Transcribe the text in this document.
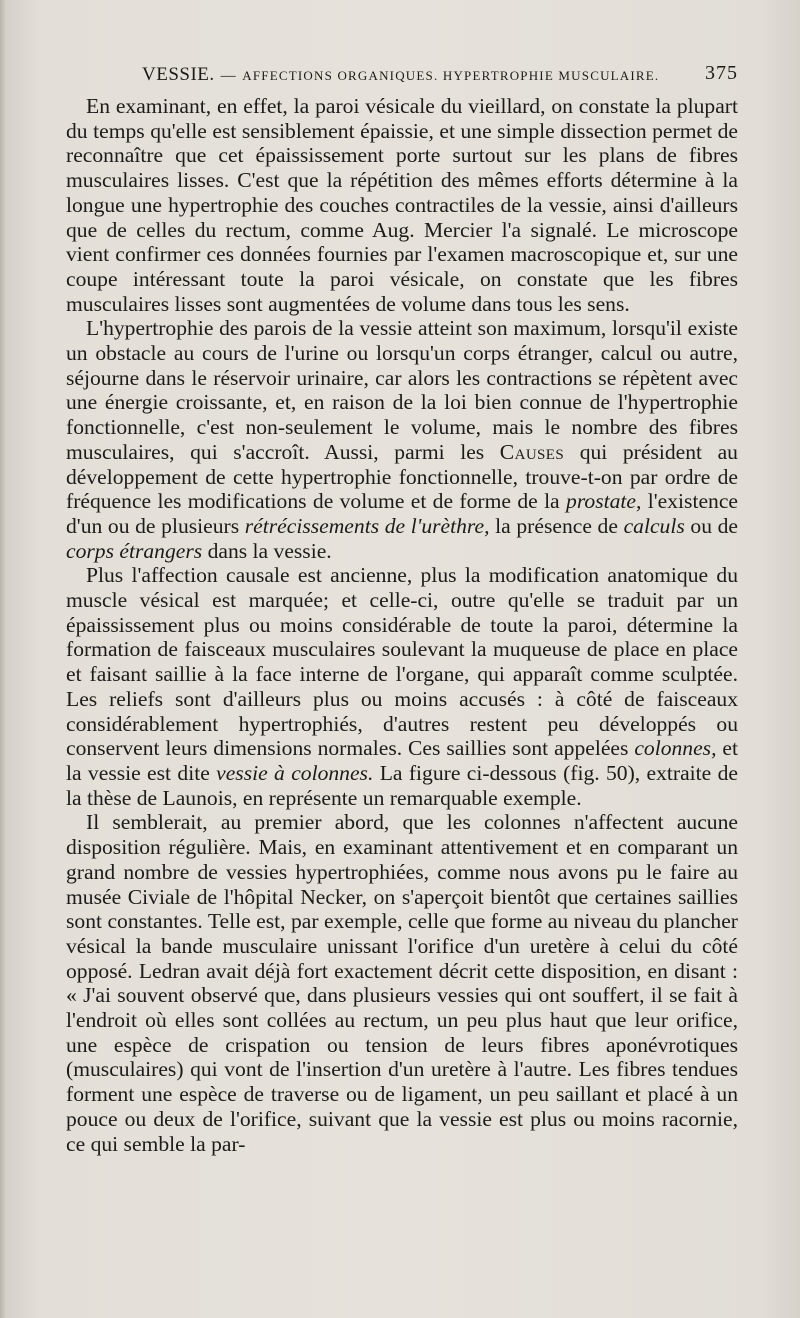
VESSIE. — AFFECTIONS ORGANIQUES. HYPERTROPHIE MUSCULAIRE. 375

En examinant, en effet, la paroi vésicale du vieillard, on constate la plupart du temps qu'elle est sensiblement épaissie, et une simple dissection permet de reconnaître que cet épaississement porte surtout sur les plans de fibres musculaires lisses. C'est que la répétition des mêmes efforts détermine à la longue une hypertrophie des couches contractiles de la vessie, ainsi d'ailleurs que de celles du rectum, comme Aug. Mercier l'a signalé. Le microscope vient confirmer ces données fournies par l'examen macroscopique et, sur une coupe intéressant toute la paroi vésicale, on constate que les fibres musculaires lisses sont augmentées de volume dans tous les sens.

L'hypertrophie des parois de la vessie atteint son maximum, lorsqu'il existe un obstacle au cours de l'urine ou lorsqu'un corps étranger, calcul ou autre, séjourne dans le réservoir urinaire, car alors les contractions se répètent avec une énergie croissante, et, en raison de la loi bien connue de l'hypertrophie fonctionnelle, c'est non-seulement le volume, mais le nombre des fibres musculaires, qui s'accroît. Aussi, parmi les Causes qui président au développement de cette hypertrophie fonctionnelle, trouve-t-on par ordre de fréquence les modifications de volume et de forme de la prostate, l'existence d'un ou de plusieurs rétrécissements de l'urèthre, la présence de calculs ou de corps étrangers dans la vessie.

Plus l'affection causale est ancienne, plus la modification anatomique du muscle vésical est marquée; et celle-ci, outre qu'elle se traduit par un épaississement plus ou moins considérable de toute la paroi, détermine la formation de faisceaux musculaires soulevant la muqueuse de place en place et faisant saillie à la face interne de l'organe, qui apparaît comme sculptée. Les reliefs sont d'ailleurs plus ou moins accusés : à côté de faisceaux considérablement hypertrophiés, d'autres restent peu développés ou conservent leurs dimensions normales. Ces saillies sont appelées colonnes, et la vessie est dite vessie à colonnes. La figure ci-dessous (fig. 50), extraite de la thèse de Launois, en représente un remarquable exemple.

Il semblerait, au premier abord, que les colonnes n'affectent aucune disposition régulière. Mais, en examinant attentivement et en comparant un grand nombre de vessies hypertrophiées, comme nous avons pu le faire au musée Civiale de l'hôpital Necker, on s'aperçoit bientôt que certaines saillies sont constantes. Telle est, par exemple, celle que forme au niveau du plancher vésical la bande musculaire unissant l'orifice d'un uretère à celui du côté opposé. Ledran avait déjà fort exactement décrit cette disposition, en disant : « J'ai souvent observé que, dans plusieurs vessies qui ont souffert, il se fait à l'endroit où elles sont collées au rectum, un peu plus haut que leur orifice, une espèce de crispation ou tension de leurs fibres aponévrotiques (musculaires) qui vont de l'insertion d'un uretère à l'autre. Les fibres tendues forment une espèce de traverse ou de ligament, un peu saillant et placé à un pouce ou deux de l'orifice, suivant que la vessie est plus ou moins racornie, ce qui semble la par-
